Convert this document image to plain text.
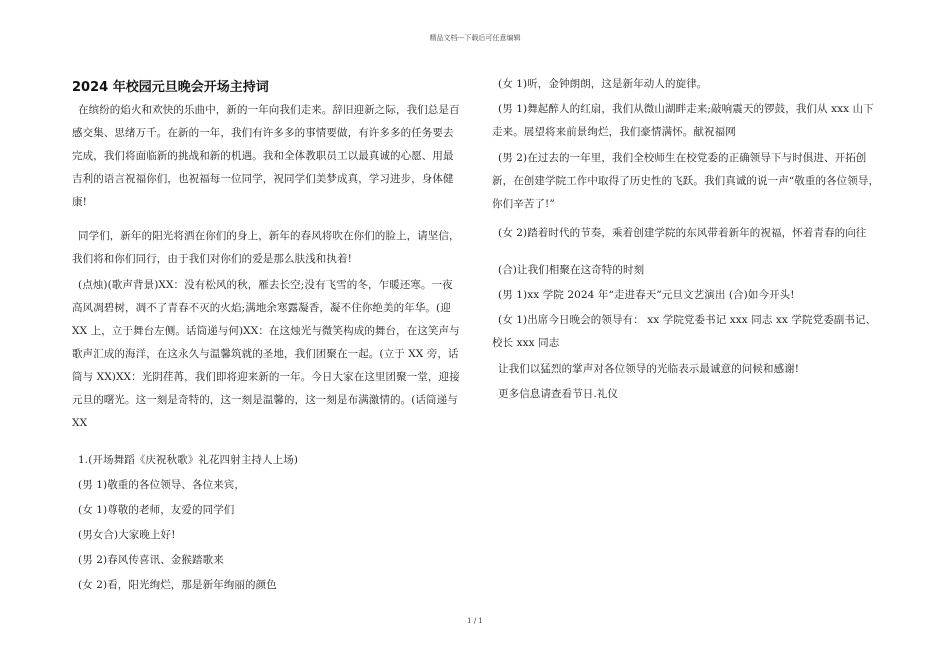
精品文档---下载后可任意编辑
2024 年校园元旦晚会开场主持词

在缤纷的焰火和欢快的乐曲中，新的一年向我们走来。辞旧迎新之际，我们总是百感交集、思绪万千。在新的一年，我们有许多多的事情要做，有许多多的任务要去完成，我们将面临新的挑战和新的机遇。我和全体教职员工以最真诚的心愿、用最吉利的语言祝福你们，也祝福每一位同学，祝同学们美梦成真，学习进步，身体健康!

同学们，新年的阳光将洒在你们的身上，新年的春风将吹在你们的脸上，请坚信，我们将和你们同行，由于我们对你们的爱是那么肤浅和执着!

(点烛)(歌声背景)XX：没有松风的秋，雁去长空;没有飞雪的冬，乍暖还寒。一夜高风凋碧树，凋不了青春不灭的火焰;满地余寒露凝香，凝不住你绝美的年华。(迎 XX 上，立于舞台左侧。话筒递与何)XX：在这烛光与微笑构成的舞台，在这笑声与歌声汇成的海洋，在这永久与温馨筑就的圣地，我们团聚在一起。(立于 XX 旁，话筒与 XX)XX：光阴荏苒，我们即将迎来新的一年。今日大家在这里团聚一堂，迎接元旦的曙光。这一刻是奇特的，这一刻是温馨的，这一刻是布满激情的。(话筒递与 XX

1.(开场舞蹈《庆祝秋歌》礼花四射主持人上场)

(男 1)敬重的各位领导、各位来宾，

(女 1)尊敬的老师，友爱的同学们

(男女合)大家晚上好!

(男 2)春风传喜讯、金猴踏歌来

(女 2)看，阳光绚烂，那是新年绚丽的颜色

(女 1)听，金钟朗朗，这是新年动人的旋律。

(男 1)舞起醉人的红扇，我们从微山湖畔走来;敲响震天的锣鼓，我们从 xxx 山下走来。展望将来前景绚烂，我们豪情满怀。献祝福网

(男 2)在过去的一年里，我们全校师生在校党委的正确领导下与时俱进、开拓创新，在创建学院工作中取得了历史性的飞跃。我们真诚的说一声“敬重的各位领导，你们辛苦了!”

(女 2)踏着时代的节奏，乘着创建学院的东风带着新年的祝福，怀着青春的向往

(合)让我们相聚在这奇特的时刻

(男 1)xx 学院 2024 年“走进春天”元旦文艺演出 (合)如今开头!

(女 1)出席今日晚会的领导有： xx 学院党委书记 xxx 同志 xx 学院党委副书记、校长 xxx 同志

让我们以猛烈的掌声对各位领导的光临表示最诚意的问候和感谢!

更多信息请查看节日.礼仪

1 / 1
